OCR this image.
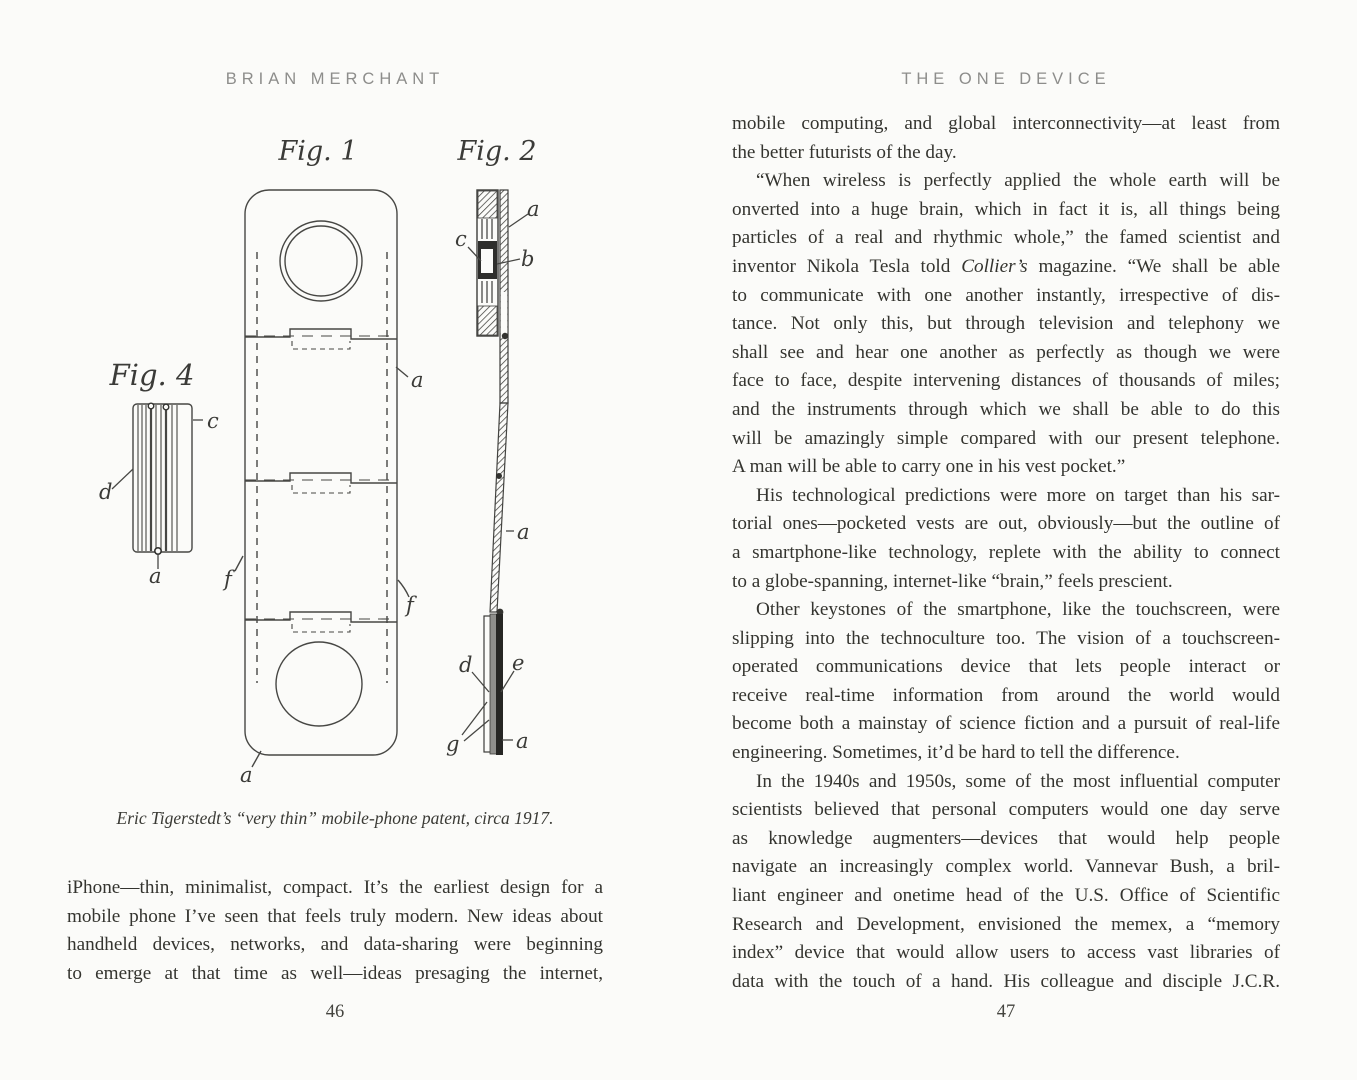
BRIAN MERCHANT
Fig. 1	Fig. 2
Fig. 4	a
f
f
a
a
c
b
a
d e
g	a
c
d
a
Eric Tigerstedt’s “very thin” mobile-phone patent, circa 1917.
iPhone—thin, minimalist, compact. It’s the earliest design for a
mobile phone I’ve seen that feels truly modern. New ideas about
handheld devices, networks, and data-sharing were beginning
to emerge at that time as well—ideas presaging the internet,
46
THE ONE DEVICE
mobile computing, and global interconnectivity—at least from
the better futurists of the day.
“When wireless is perfectly applied the whole earth will be
onverted into a huge brain, which in fact it is, all things being
particles of a real and rhythmic whole,” the famed scientist and
inventor Nikola Tesla told Collier’s magazine. “We shall be able
to communicate with one another instantly, irrespective of dis-
tance. Not only this, but through television and telephony we
shall see and hear one another as perfectly as though we were
face to face, despite intervening distances of thousands of miles;
and the instruments through which we shall be able to do this
will be amazingly simple compared with our present telephone.
A man will be able to carry one in his vest pocket.”
His technological predictions were more on target than his sar-
torial ones—pocketed vests are out, obviously—but the outline of
a smartphone-like technology, replete with the ability to connect
to a globe-spanning, internet-like “brain,” feels prescient.
Other keystones of the smartphone, like the touchscreen, were
slipping into the technoculture too. The vision of a touchscreen-
operated communications device that lets people interact or
receive real-time information from around the world would
become both a mainstay of science fiction and a pursuit of real-life
engineering. Sometimes, it’d be hard to tell the difference.
In the 1940s and 1950s, some of the most influential computer
scientists believed that personal computers would one day serve
as knowledge augmenters—devices that would help people
navigate an increasingly complex world. Vannevar Bush, a bril-
liant engineer and onetime head of the U.S. Office of Scientific
Research and Development, envisioned the memex, a “memory
index” device that would allow users to access vast libraries of
data with the touch of a hand. His colleague and disciple J.C.R.
47
